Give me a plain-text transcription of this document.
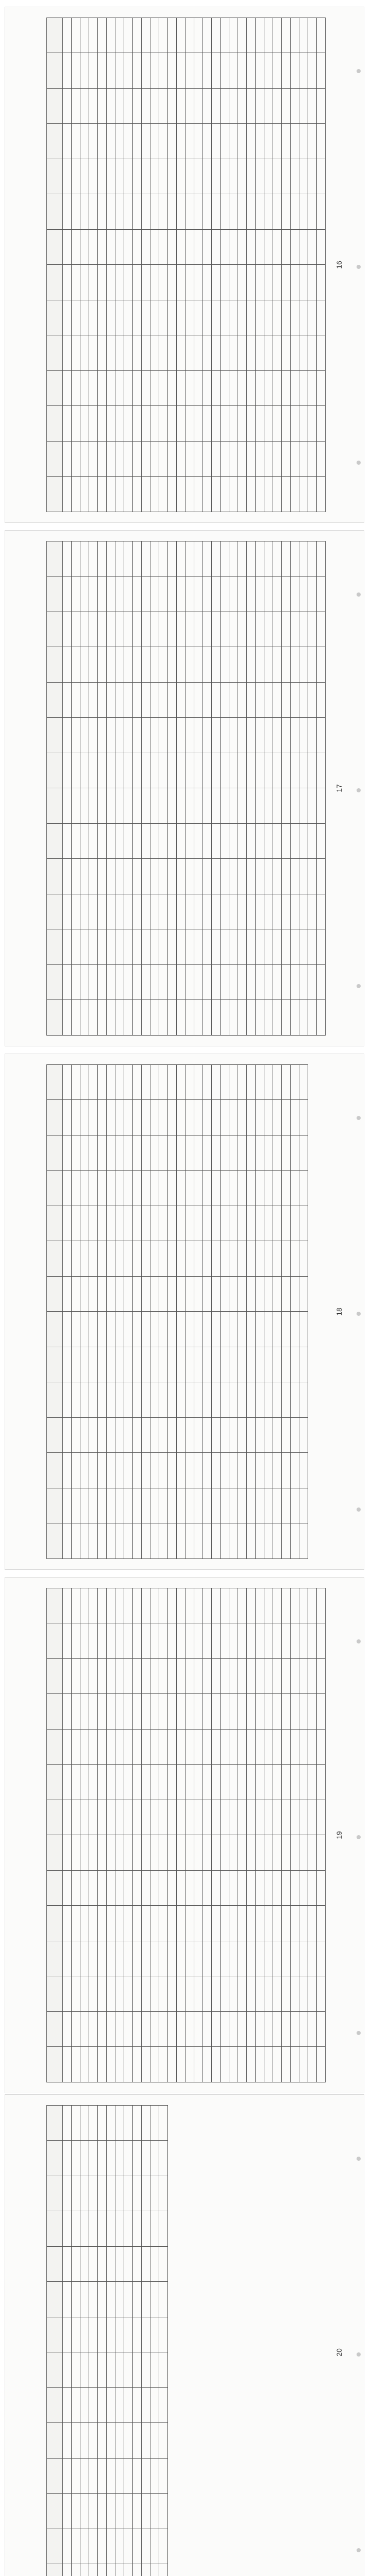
16

17

18

19

20
